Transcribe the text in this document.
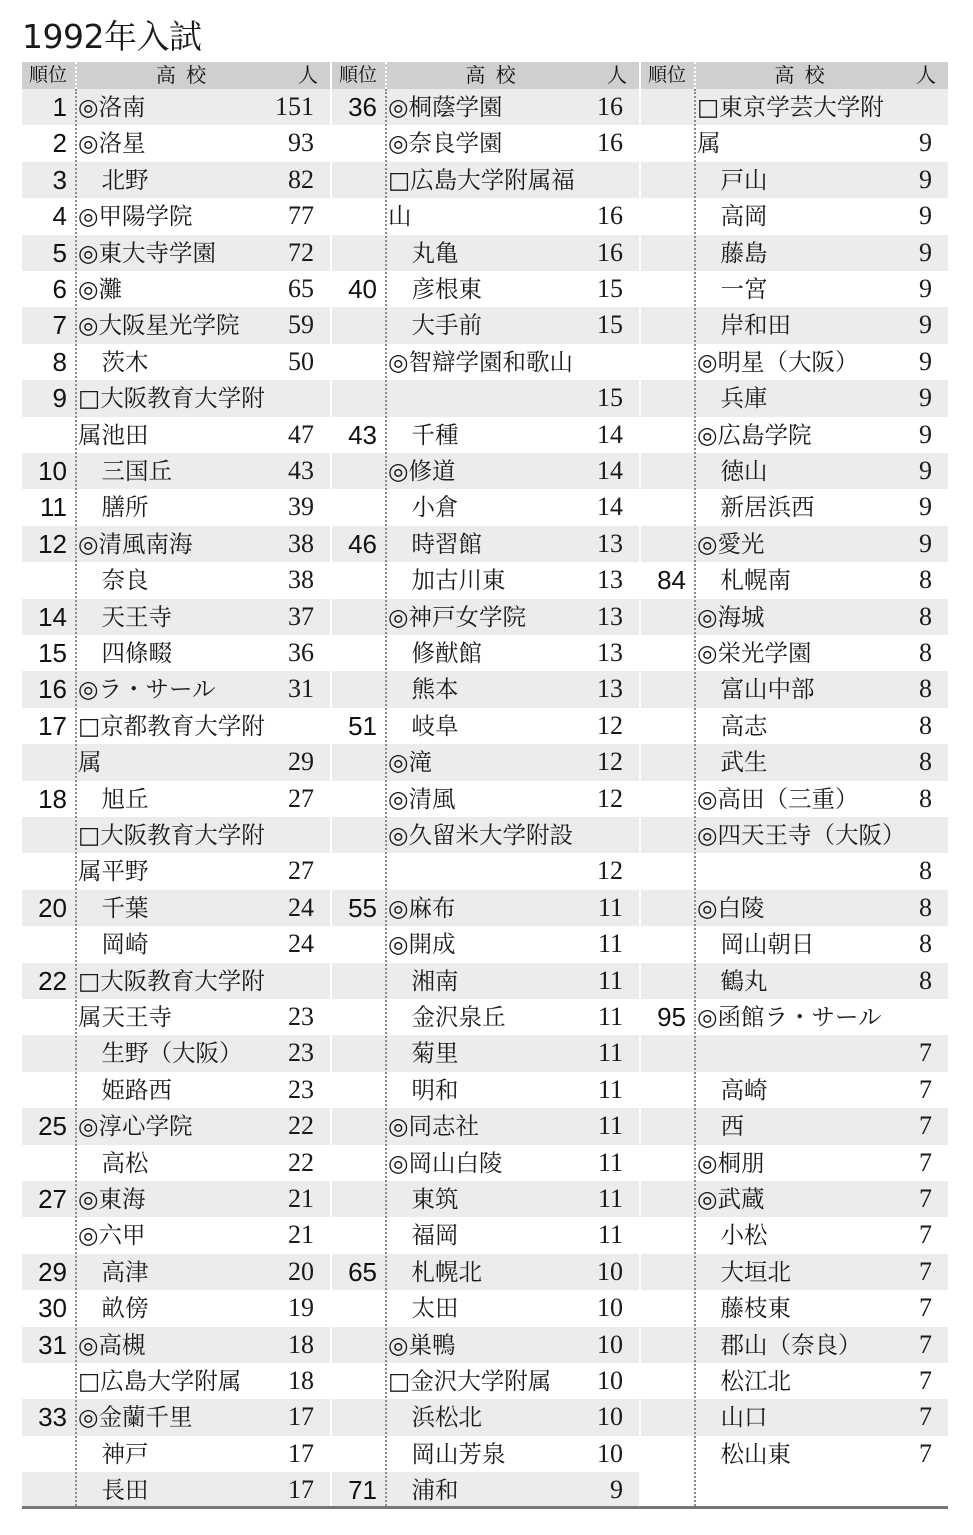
1992年入試
順位	高 校	人
1 ◎洛南	151
2 ◎洛星	93
3 　北野	82
4 ◎甲陽学院	77
5 ◎東大寺学園	72
6 ◎灘	65
7 ◎大阪星光学院	59
8 　茨木	50
9 □大阪教育大学附
属池田	47
10 　三国丘	43
11 　膳所	39
12 ◎清風南海	38
　奈良	38
14 　天王寺	37
15 　四條畷	36
16 ◎ラ・サール	31
17 □京都教育大学附
属	29
18 　旭丘	27
□大阪教育大学附
属平野	27
20 　千葉	24
　岡崎	24
22 □大阪教育大学附
属天王寺	23
　生野（大阪）	23
　姫路西	23
25 ◎淳心学院	22
　高松	22
27 ◎東海	21
◎六甲	21
29 　高津	20
30 　畝傍	19
31 ◎高槻	18
□広島大学附属	18
33 ◎金蘭千里	17
　神戸	17
　長田	17
順位	高 校	人
36 ◎桐蔭学園	16
◎奈良学園	16
□広島大学附属福
山	16
　丸亀	16
40 　彦根東	15
　大手前	15
◎智辯学園和歌山
15
43 　千種	14
◎修道	14
　小倉	14
46 　時習館	13
　加古川東	13
◎神戸女学院	13
　修猷館	13
　熊本	13
51 　岐阜	12
◎滝	12
◎清風	12
◎久留米大学附設
12
55 ◎麻布	11
◎開成	11
　湘南	11
　金沢泉丘	11
　菊里	11
　明和	11
◎同志社	11
◎岡山白陵	11
　東筑	11
　福岡	11
65 　札幌北	10
　太田	10
◎巣鴨	10
□金沢大学附属	10
　浜松北	10
　岡山芳泉	10
71 　浦和	9
順位	高 校	人
□東京学芸大学附
属	9
　戸山	9
　高岡	9
　藤島	9
　一宮	9
　岸和田	9
◎明星（大阪）	9
　兵庫	9
◎広島学院	9
　徳山	9
　新居浜西	9
◎愛光	9
84 　札幌南	8
◎海城	8
◎栄光学園	8
　富山中部	8
　高志	8
　武生	8
◎高田（三重）	8
◎四天王寺（大阪）
8
◎白陵	8
　岡山朝日	8
　鶴丸	8
95 ◎函館ラ・サール
7
　高崎	7
　西	7
◎桐朋	7
◎武蔵	7
　小松	7
　大垣北	7
　藤枝東	7
　郡山（奈良）	7
　松江北	7
　山口	7
　松山東	7
